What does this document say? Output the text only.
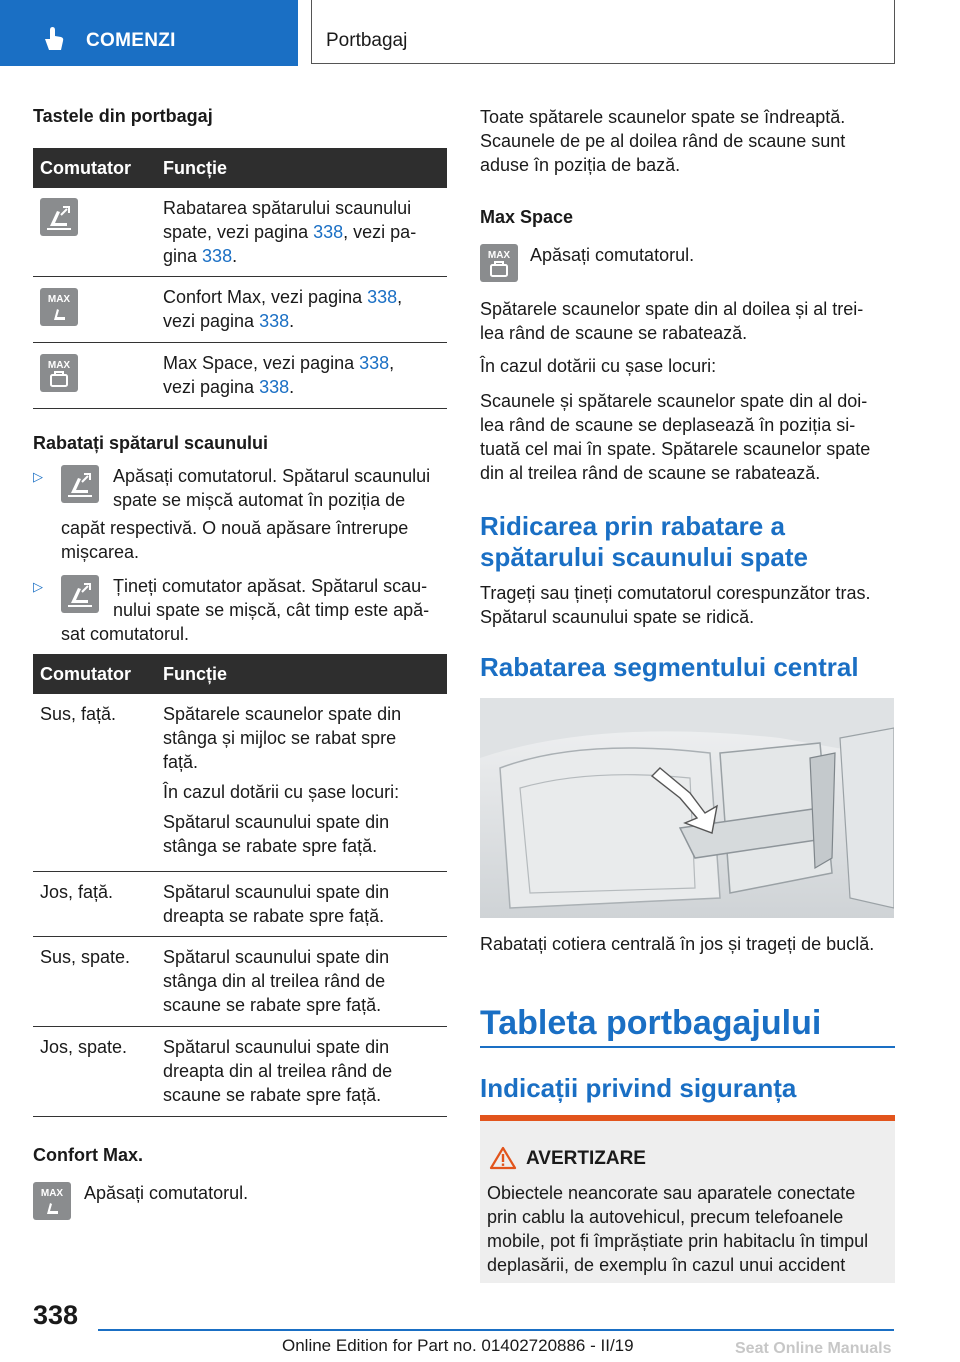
COMENZI	Portbagaj
Tastele din portbagaj
Comutator Funcție
Rabatarea spătarului scaunului
spate, vezi pagina 338, vezi pa-
gina 338.
MAX	Confort Max, vezi pagina 338,
vezi pagina 338.
MAX	Max Space, vezi pagina 338,
vezi pagina 338.
Rabatați spătarul scaunului
▷	Apăsați comutatorul. Spătarul scaunului
spate se mișcă automat în poziția de
capăt respectivă. O nouă apăsare întrerupe
mișcarea.
▷	Țineți comutator apăsat. Spătarul scau-
nului spate se mișcă, cât timp este apă-
sat comutatorul.
Comutator Funcție
Sus, față.	Spătarele scaunelor spate din
stânga și mijloc se rabat spre
față.
În cazul dotării cu șase locuri:
Spătarul scaunului spate din
stânga se rabate spre față.
Jos, față.	Spătarul scaunului spate din
dreapta se rabate spre față.
Sus, spate. Spătarul scaunului spate din
stânga din al treilea rând de
scaune se rabate spre față.
Jos, spate. Spătarul scaunului spate din
dreapta din al treilea rând de
scaune se rabate spre față.
Confort Max.
MAX Apăsați comutatorul.
Toate spătarele scaunelor spate se îndreaptă.
Scaunele de pe al doilea rând de scaune sunt
aduse în poziția de bază.
Max Space
MAX Apăsați comutatorul.
Spătarele scaunelor spate din al doilea și al trei-
lea rând de scaune se rabatează.
În cazul dotării cu șase locuri:
Scaunele și spătarele scaunelor spate din al doi-
lea rând de scaune se deplasează în poziția si-
tuată cel mai în spate. Spătarele scaunelor spate
din al treilea rând de scaune se rabatează.
Ridicarea prin rabatare a
spătarului scaunului spate
Trageți sau țineți comutatorul corespunzător tras.
Spătarul scaunului spate se ridică.
Rabatarea segmentului central
Rabatați cotiera centrală în jos și trageți de buclă.
Tableta portbagajului
Indicații privind siguranța
AVERTIZARE
Obiectele neancorate sau aparatele conectate
prin cablu la autovehicul, precum telefoanele
mobile, pot fi împrăștiate prin habitaclu în timpul
deplasării, de exemplu în cazul unui accident
338
Online Edition for Part no. 01402720886 - II/19	Seat Online Manuals
